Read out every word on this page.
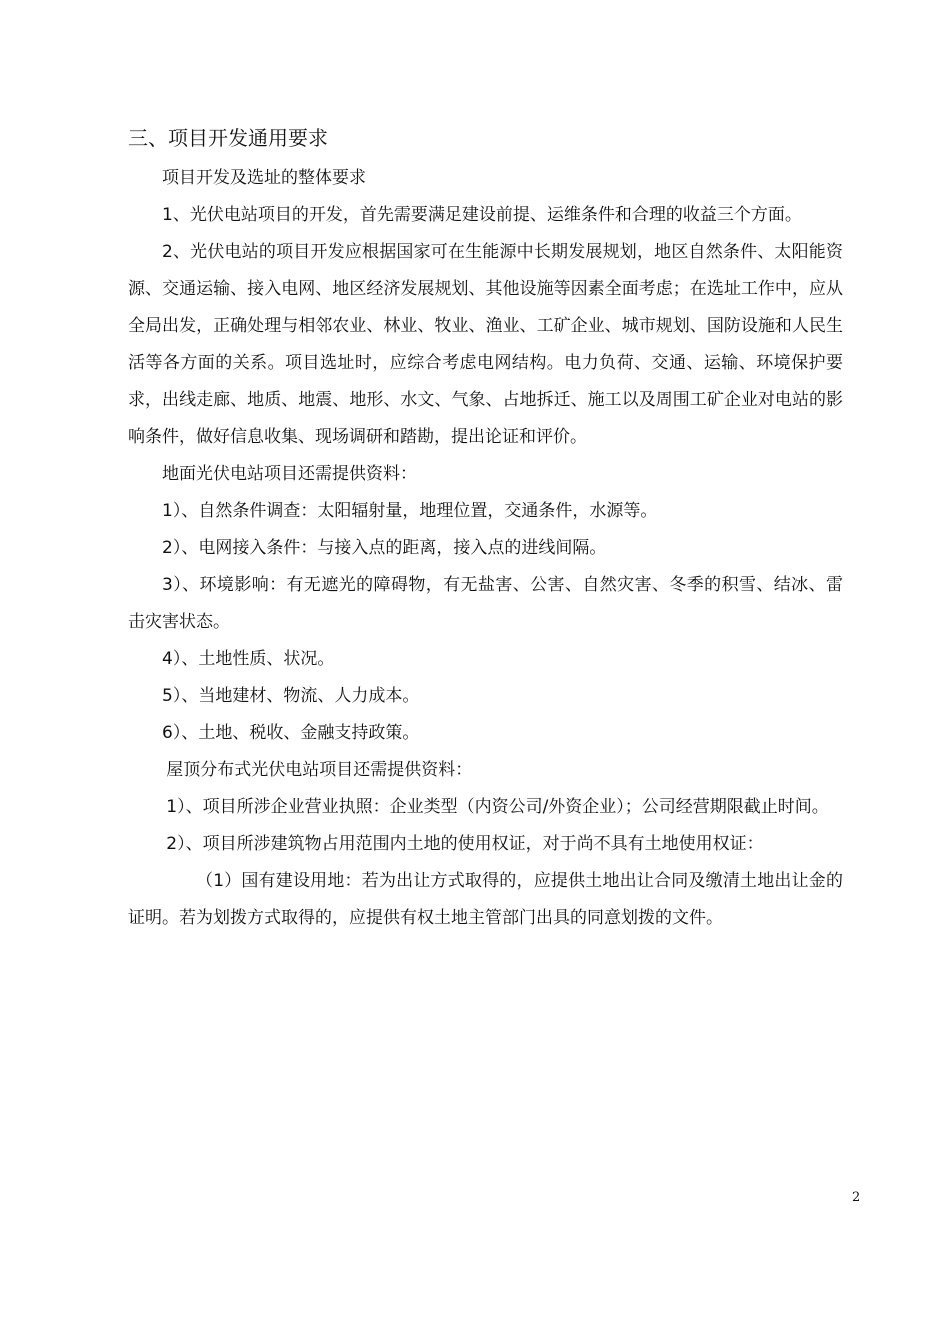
三、项目开发通用要求

项目开发及选址的整体要求

1、光伏电站项目的开发，首先需要满足建设前提、运维条件和合理的收益三个方面。

2、光伏电站的项目开发应根据国家可在生能源中长期发展规划，地区自然条件、太阳能资源、交通运输、接入电网、地区经济发展规划、其他设施等因素全面考虑；在选址工作中，应从全局出发，正确处理与相邻农业、林业、牧业、渔业、工矿企业、城市规划、国防设施和人民生活等各方面的关系。项目选址时，应综合考虑电网结构。电力负荷、交通、运输、环境保护要求，出线走廊、地质、地震、地形、水文、气象、占地拆迁、施工以及周围工矿企业对电站的影响条件，做好信息收集、现场调研和踏勘，提出论证和评价。

地面光伏电站项目还需提供资料：

1）、自然条件调查：太阳辐射量，地理位置，交通条件，水源等。

2）、电网接入条件：与接入点的距离，接入点的进线间隔。

3）、环境影响：有无遮光的障碍物，有无盐害、公害、自然灾害、冬季的积雪、结冰、雷击灾害状态。

4）、土地性质、状况。

5）、当地建材、物流、人力成本。

6）、土地、税收、金融支持政策。

屋顶分布式光伏电站项目还需提供资料：

1）、项目所涉企业营业执照：企业类型（内资公司/外资企业）；公司经营期限截止时间。

2）、项目所涉建筑物占用范围内土地的使用权证，对于尚不具有土地使用权证：

（1）国有建设用地：若为出让方式取得的，应提供土地出让合同及缴清土地出让金的证明。若为划拨方式取得的，应提供有权土地主管部门出具的同意划拨的文件。

2
